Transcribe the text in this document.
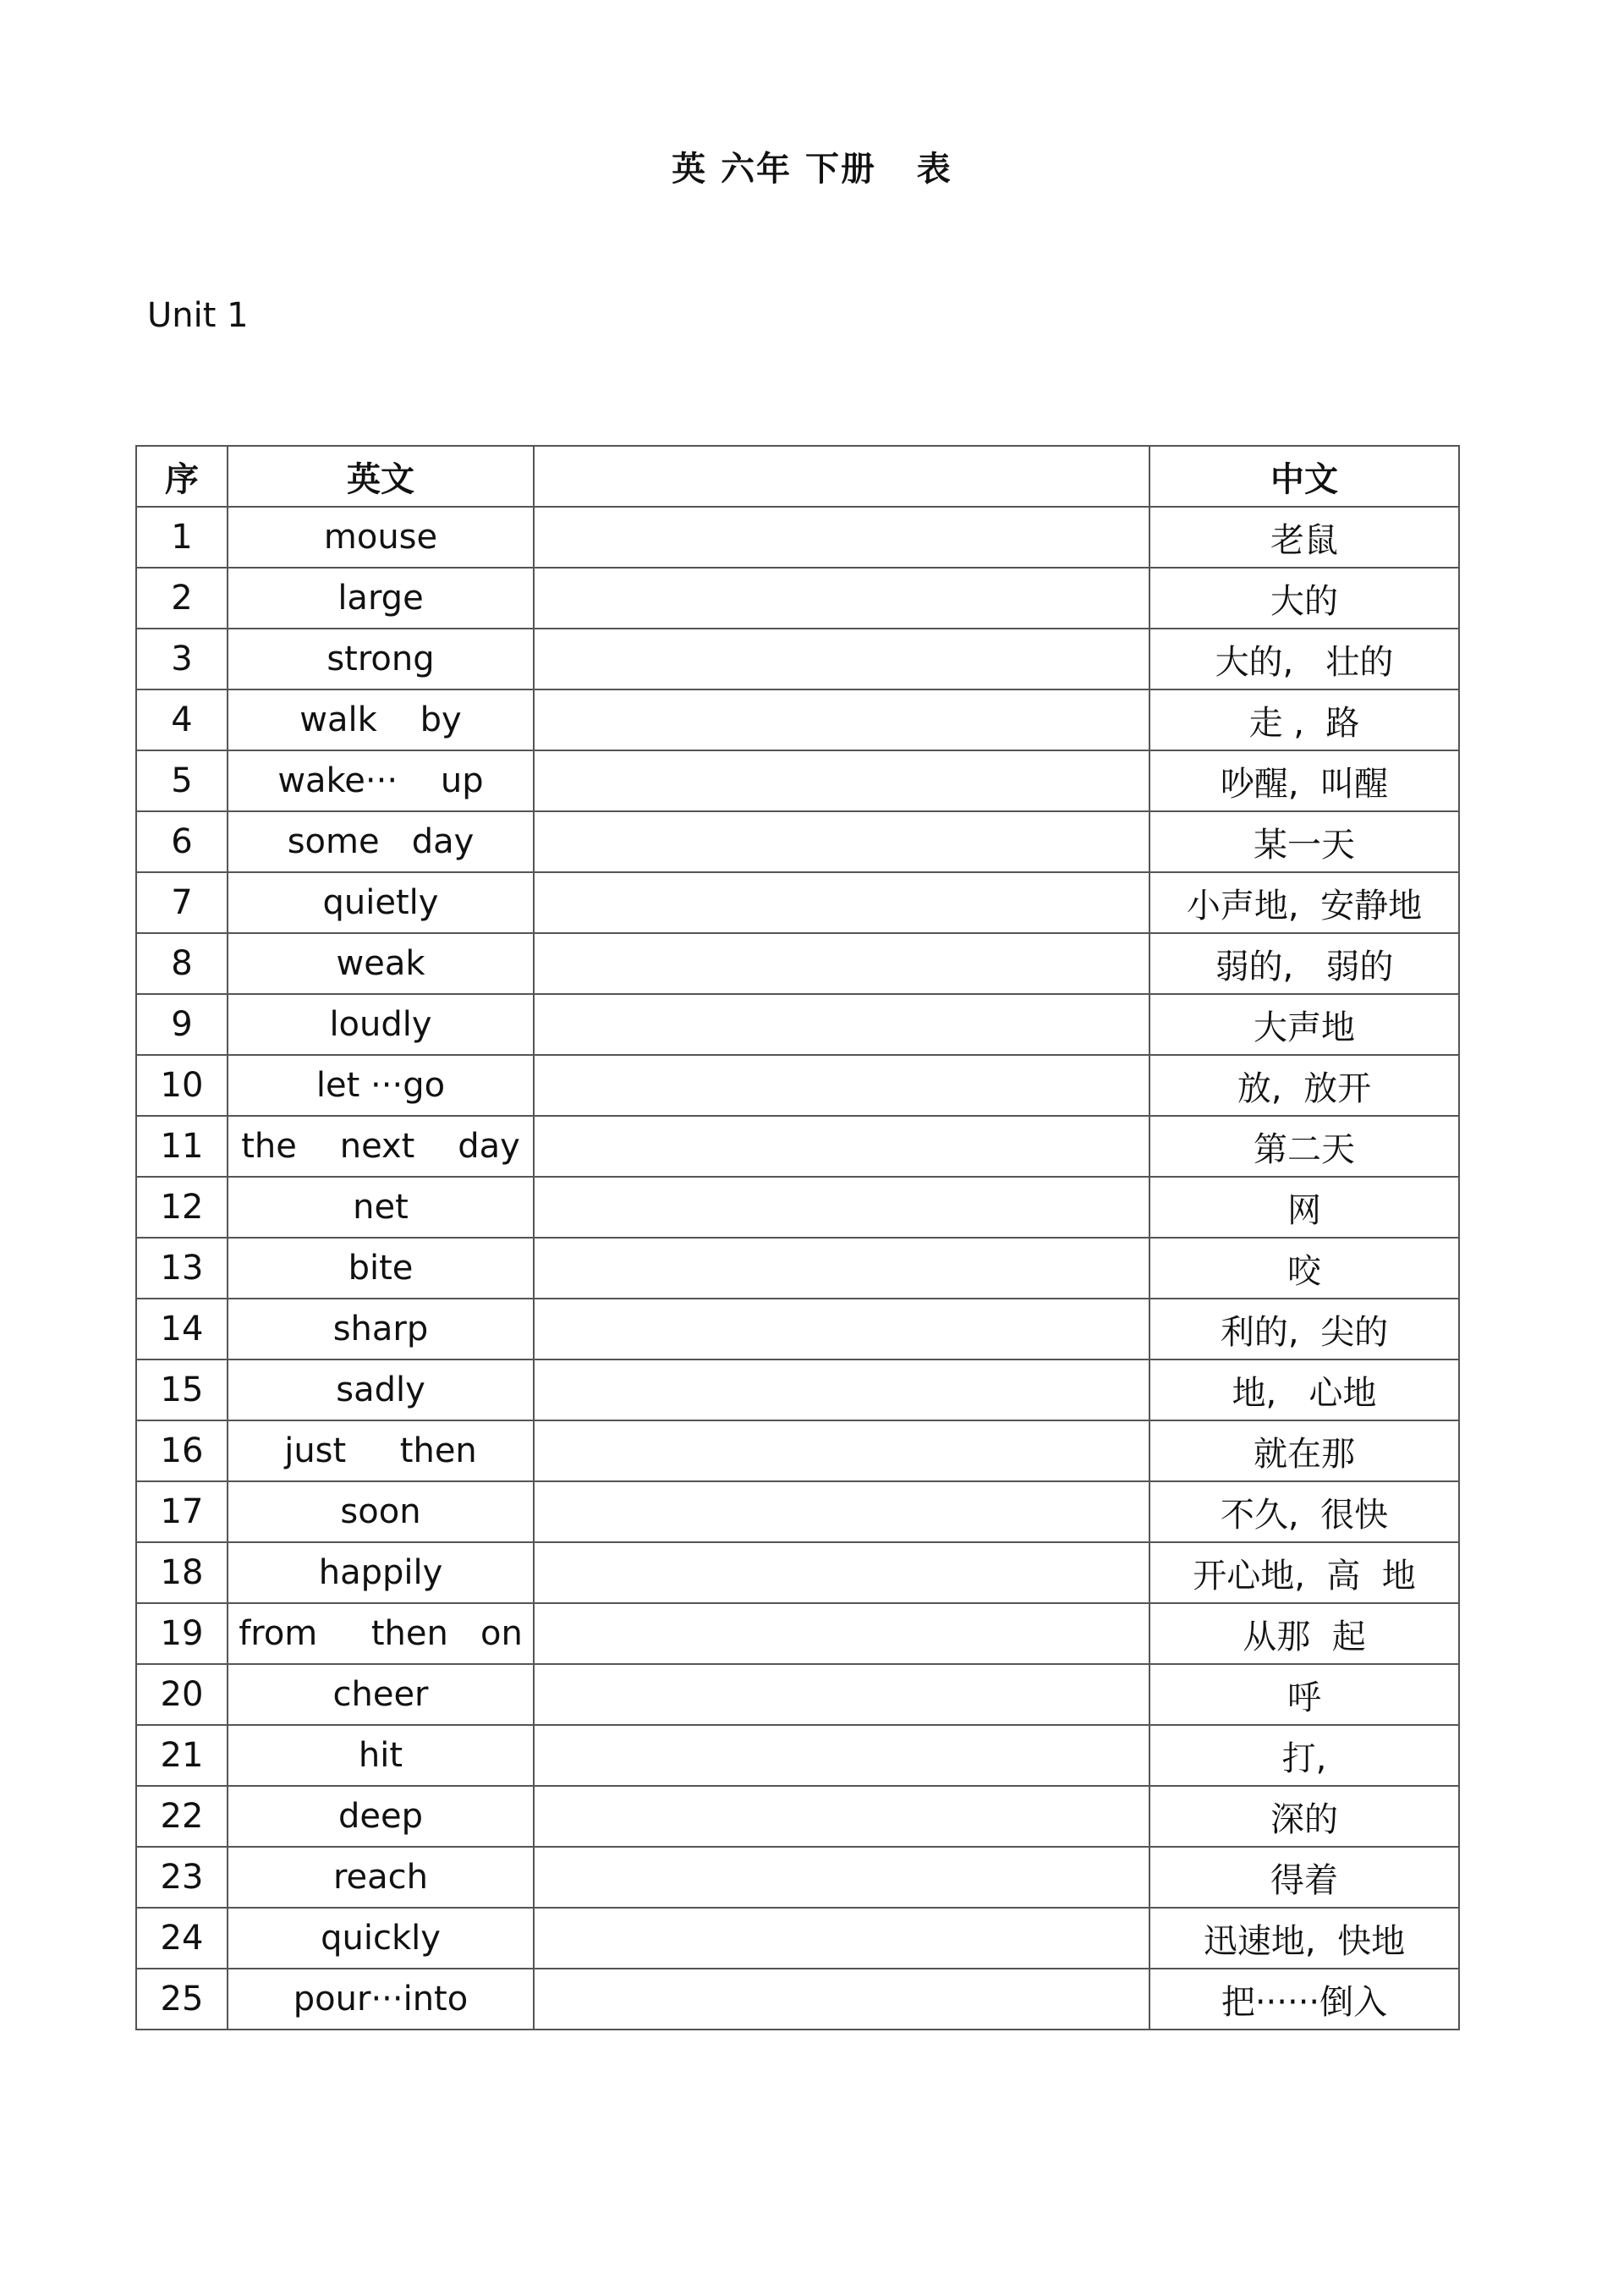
英 六年 下册   表
Unit 1
序	英文		中文
1	mouse		老鼠
2	large		大的
3	strong		大的,   壮的
4	walk    by		走 ,  路
5	wake···    up		吵醒,  叫醒
6	some   day		某一天
7	quietly		小声地,  安静地
8	weak		弱的,   弱的
9	loudly		大声地
10	let ···go		放,  放开
11	the    next    day		第二天
12	net		网
13	bite		咬
14	sharp		利的,  尖的
15	sadly		地,   心地
16	just     then		就在那
17	soon		不久,  很快
18	happily		开心地,  高  地
19	from     then   on		从那  起
20	cheer		呼
21	hit		打,
22	deep		深的
23	reach		得着
24	quickly		迅速地,  快地
25	pour···into		把······倒入
